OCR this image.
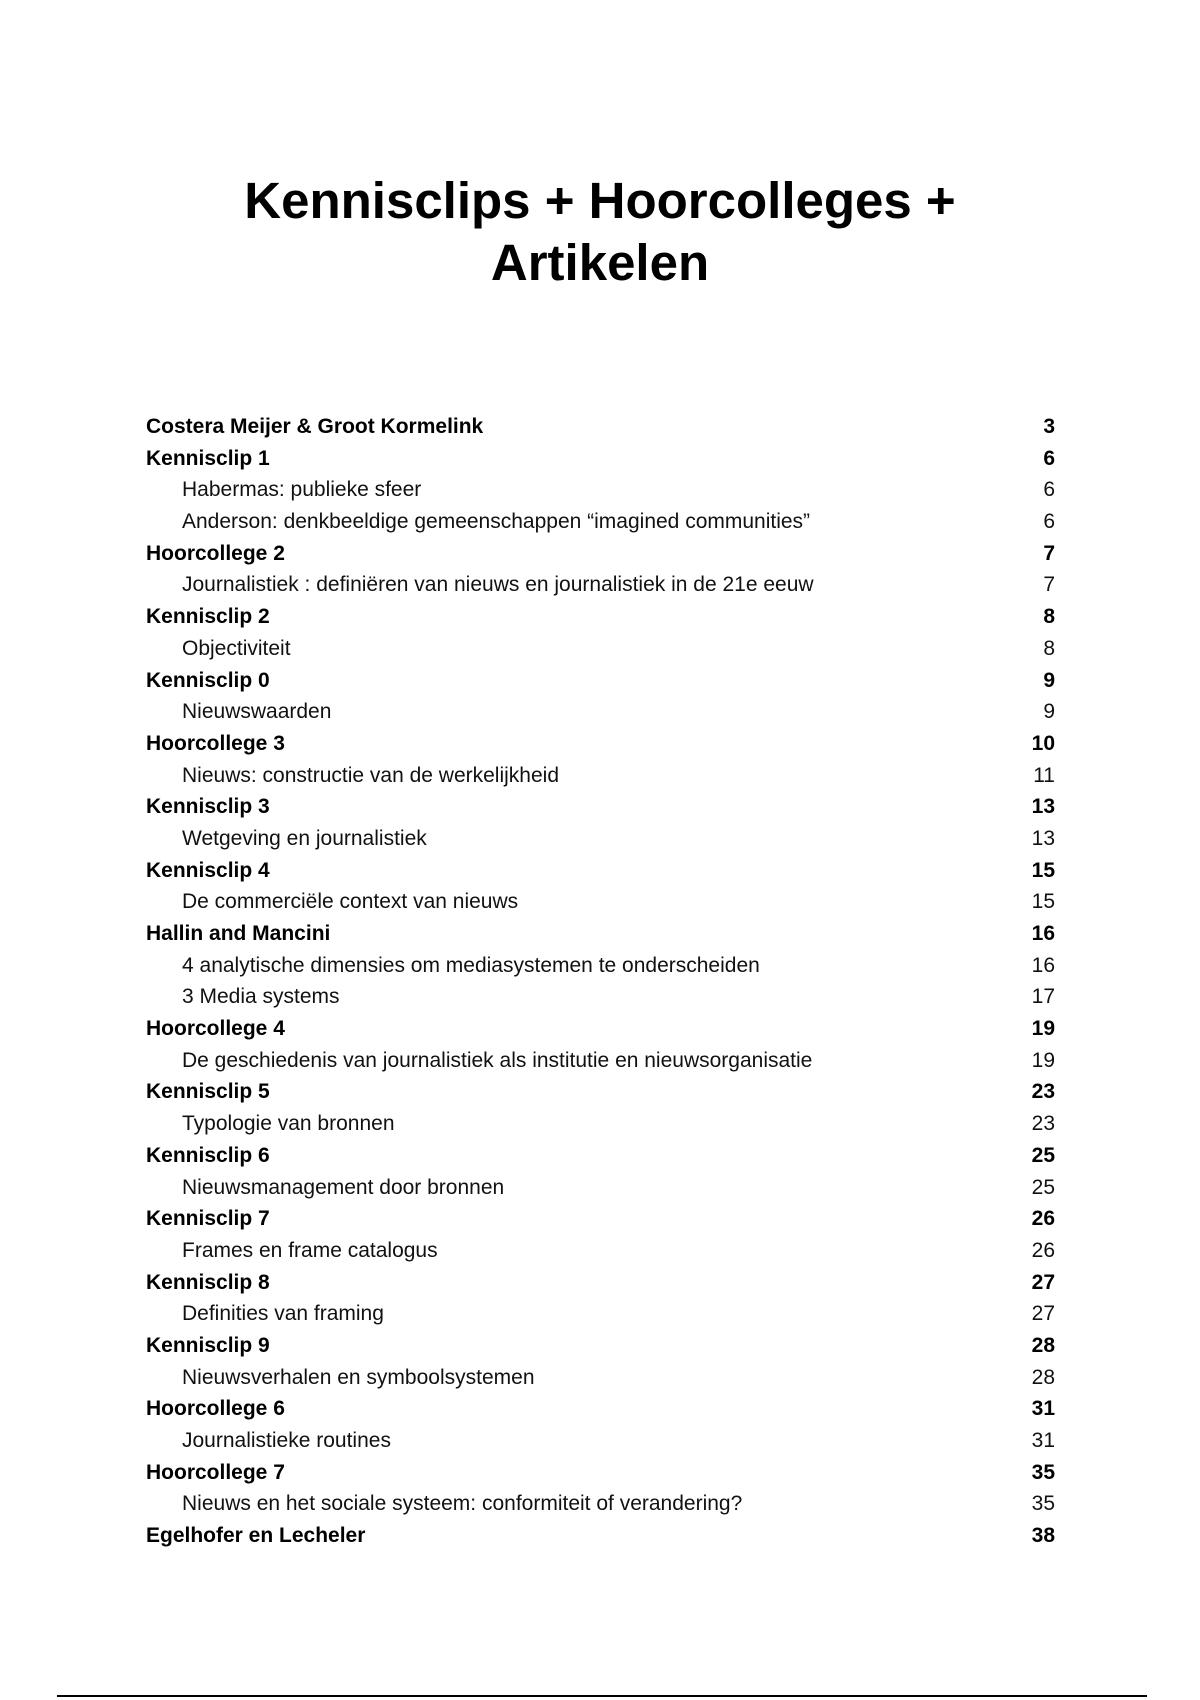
Kennisclips + Hoorcolleges +
Artikelen
Costera Meijer & Groot Kormelink	3
Kennisclip 1	6
Habermas: publieke sfeer	6
Anderson: denkbeeldige gemeenschappen “imagined communities”	6
Hoorcollege 2	7
Journalistiek : definiëren van nieuws en journalistiek in de 21e eeuw	7
Kennisclip 2	8
Objectiviteit	8
Kennisclip 0	9
Nieuwswaarden	9
Hoorcollege 3	10
Nieuws: constructie van de werkelijkheid	11
Kennisclip 3	13
Wetgeving en journalistiek	13
Kennisclip 4	15
De commerciële context van nieuws	15
Hallin and Mancini	16
4 analytische dimensies om mediasystemen te onderscheiden	16
3 Media systems	17
Hoorcollege 4	19
De geschiedenis van journalistiek als institutie en nieuwsorganisatie	19
Kennisclip 5	23
Typologie van bronnen	23
Kennisclip 6	25
Nieuwsmanagement door bronnen	25
Kennisclip 7	26
Frames en frame catalogus	26
Kennisclip 8	27
Definities van framing	27
Kennisclip 9	28
Nieuwsverhalen en symboolsystemen	28
Hoorcollege 6	31
Journalistieke routines	31
Hoorcollege 7	35
Nieuws en het sociale systeem: conformiteit of verandering?	35
Egelhofer en Lecheler	38
